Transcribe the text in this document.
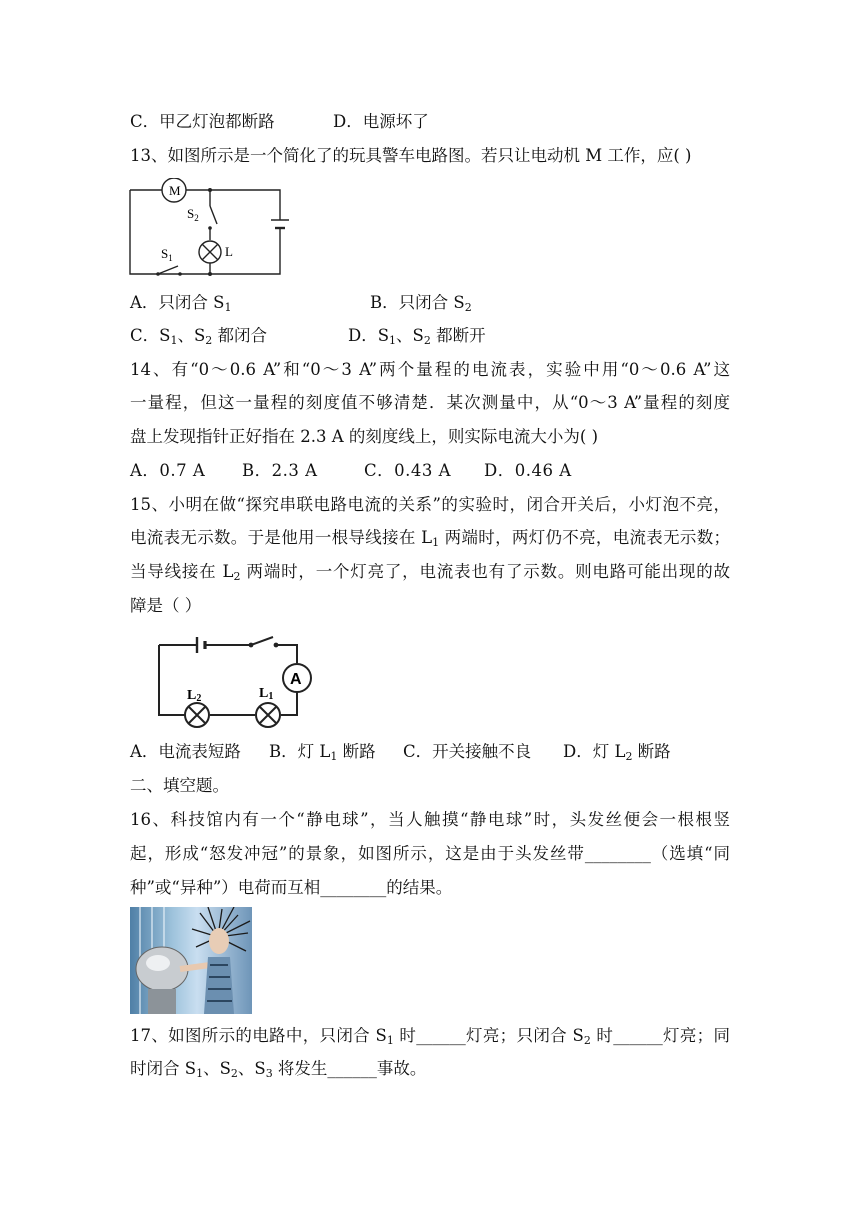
C．甲乙灯泡都断路	D．电源坏了
13、如图所示是一个简化了的玩具警车电路图。若只让电动机 M 工作，应( )
M
$S_2$
L
$S_1$
A．只闭合 $S_1$	B．只闭合 $S_2$
C．$S_1$、$S_2$ 都闭合	D．$S_1$、$S_2$ 都断开
14、有“0～0.6 A”和“0～3 A”两个量程的电流表，实验中用“0～0.6 A”这
一量程，但这一量程的刻度值不够清楚．某次测量中，从“0～3 A”量程的刻度
盘上发现指针正好指在 2.3 A 的刻度线上，则实际电流大小为( )
A．0.7 A B．2.3 A	C．0.43 A D．0.46 A
15、小明在做“探究串联电路电流的关系”的实验时，闭合开关后，小灯泡不亮，
电流表无示数。于是他用一根导线接在 $L_1$ 两端时，两灯仍不亮，电流表无示数；
当导线接在 $L_2$ 两端时，一个灯亮了，电流表也有了示数。则电路可能出现的故
障是（ ）
A
L2	L1
A．电流表短路 B．灯 $L_1$ 断路 C．开关接触不良 D．灯 $L_2$ 断路
二、填空题。
16、科技馆内有一个“静电球”，当人触摸“静电球”时，头发丝便会一根根竖
起，形成“怒发冲冠”的景象，如图所示，这是由于头发丝带________（选填“同
种”或“异种”）电荷而互相________的结果。
17、如图所示的电路中，只闭合 $S_1$ 时______灯亮；只闭合 $S_2$ 时______灯亮；同
时闭合 $S_1$、$S_2$、$S_3$ 将发生______事故。
